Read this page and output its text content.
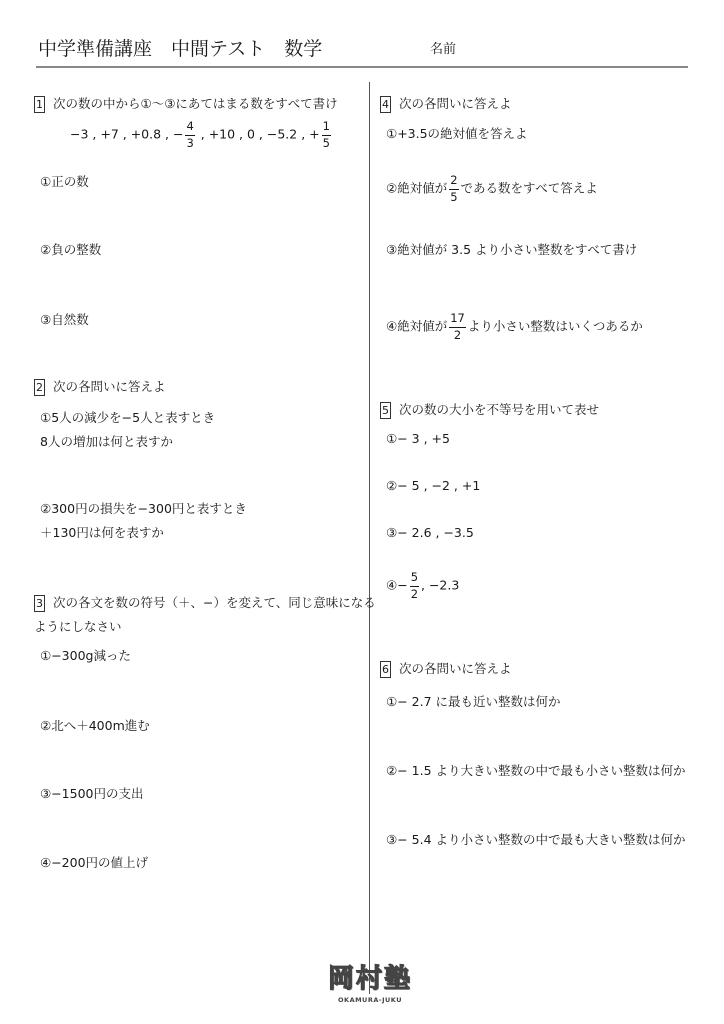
中学準備講座　中間テスト　数学	名前
1 次の数の中から①〜③にあてはまる数をすべて書け
−3 , +7 , +0.8 , − $\frac{4}{3}$ , +10 , 0 , −5.2 , + $\frac{1}{5}$
①正の数
②負の整数
③自然数
2 次の各問いに答えよ
①5人の減少を−5人と表すとき
8人の増加は何と表すか
②300円の損失を−300円と表すとき
＋130円は何を表すか
3 次の各文を数の符号（＋、−）を変えて、同じ意味になる
ようにしなさい
①−300g減った
②北へ＋400m進む
③−1500円の支出
④−200円の値上げ
4 次の各問いに答えよ
①+3.5の絶対値を答えよ
②絶対値が $\frac{2}{5}$ である数をすべて答えよ
③絶対値が 3.5 より小さい整数をすべて書け
④絶対値が $\frac{17}{2}$ より小さい整数はいくつあるか
5 次の数の大小を不等号を用いて表せ
①− 3 , +5
②− 5 , −2 , +1
③− 2.6 , −3.5
④− $\frac{5}{2}$ , −2.3
6 次の各問いに答えよ
①− 2.7 に最も近い整数は何か
②− 1.5 より大きい整数の中で最も小さい整数は何か
③− 5.4 より小さい整数の中で最も大きい整数は何か
岡村塾
OKAMURA-JUKU
